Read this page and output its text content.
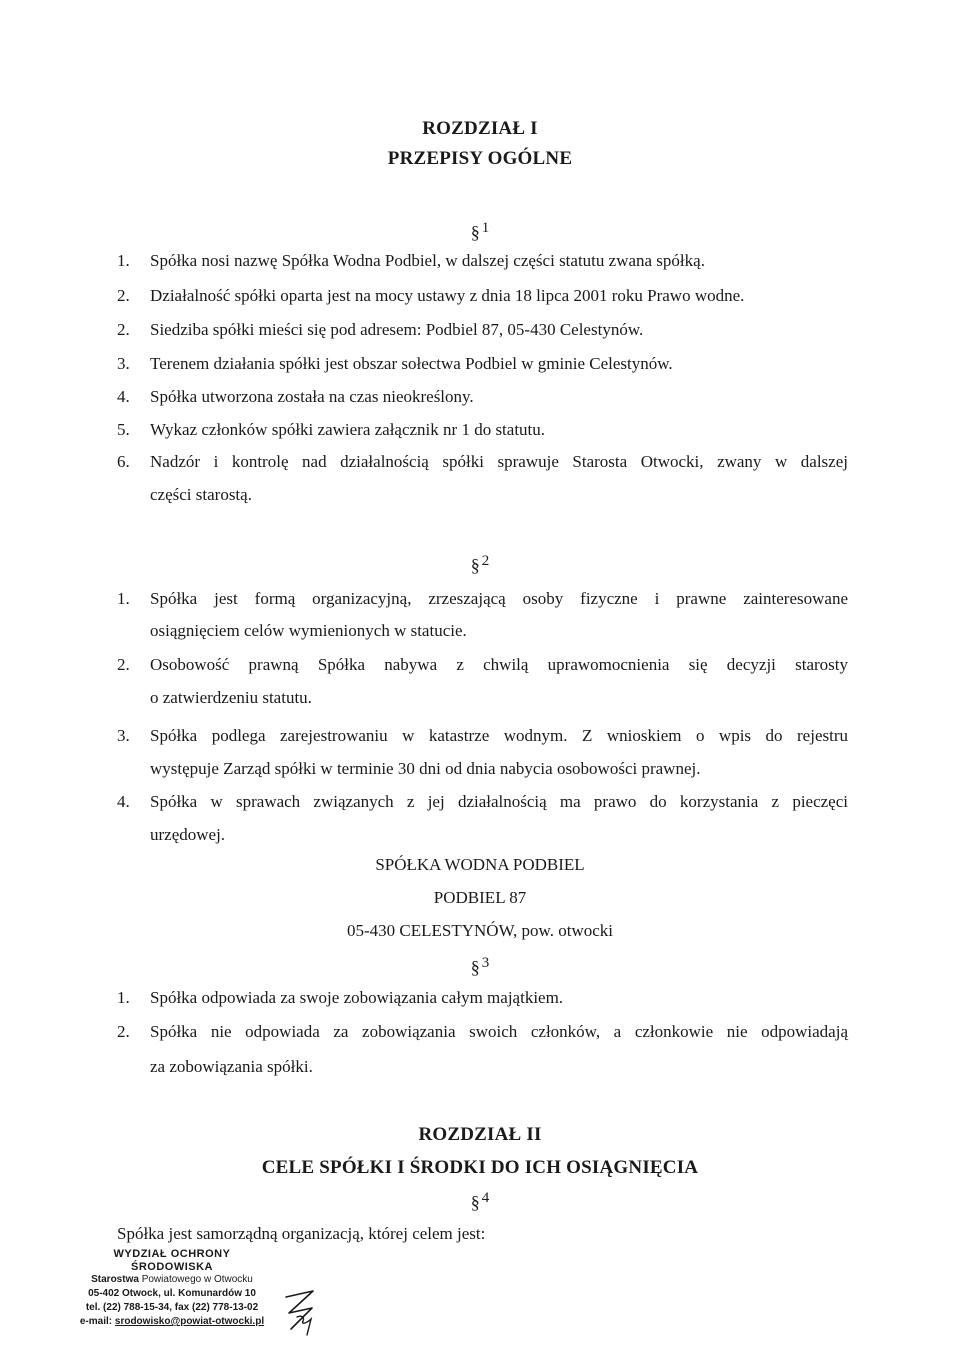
ROZDZIAŁ I
PRZEPISY OGÓLNE
§ $^1$
1. Spółka nosi nazwę Spółka Wodna Podbiel, w dalszej części statutu zwana spółką.
2. Działalność spółki oparta jest na mocy ustawy z dnia 18 lipca 2001 roku Prawo wodne.
2. Siedziba spółki mieści się pod adresem: Podbiel 87, 05-430 Celestynów.
3. Terenem działania spółki jest obszar sołectwa Podbiel w gminie Celestynów.
4. Spółka utworzona została na czas nieokreślony.
5. Wykaz członków spółki zawiera załącznik nr 1 do statutu.
6. Nadzór i kontrolę nad działalnością spółki sprawuje Starosta Otwocki, zwany w dalszej
części starostą.
§ $^2$
1. Spółka jest formą organizacyjną, zrzeszającą osoby fizyczne i prawne zainteresowane
osiągnięciem celów wymienionych w statucie.
2. Osobowość prawną Spółka nabywa z chwilą uprawomocnienia się decyzji starosty
o zatwierdzeniu statutu.
3. Spółka podlega zarejestrowaniu w katastrze wodnym. Z wnioskiem o wpis do rejestru
występuje Zarząd spółki w terminie 30 dni od dnia nabycia osobowości prawnej.
4. Spółka w sprawach związanych z jej działalnością ma prawo do korzystania z pieczęci
urzędowej.
SPÓŁKA WODNA PODBIEL
PODBIEL 87
05-430 CELESTYNÓW, pow. otwocki
§ $^3$
1. Spółka odpowiada za swoje zobowiązania całym majątkiem.
2. Spółka nie odpowiada za zobowiązania swoich członków, a członkowie nie odpowiadają
za zobowiązania spółki.
ROZDZIAŁ II
CELE SPÓŁKI I ŚRODKI DO ICH OSIĄGNIĘCIA
§ $^4$
Spółka jest samorządną organizacją, której celem jest:
WYDZIAŁ OCHRONY
ŚRODOWISKA
Starostwa Powiatowego w Otwocku
05-402 Otwock, ul. Komunardów 10
tel. (22) 788-15-34, fax (22) 778-13-02
e-mail: srodowisko@powiat-otwocki.pl
